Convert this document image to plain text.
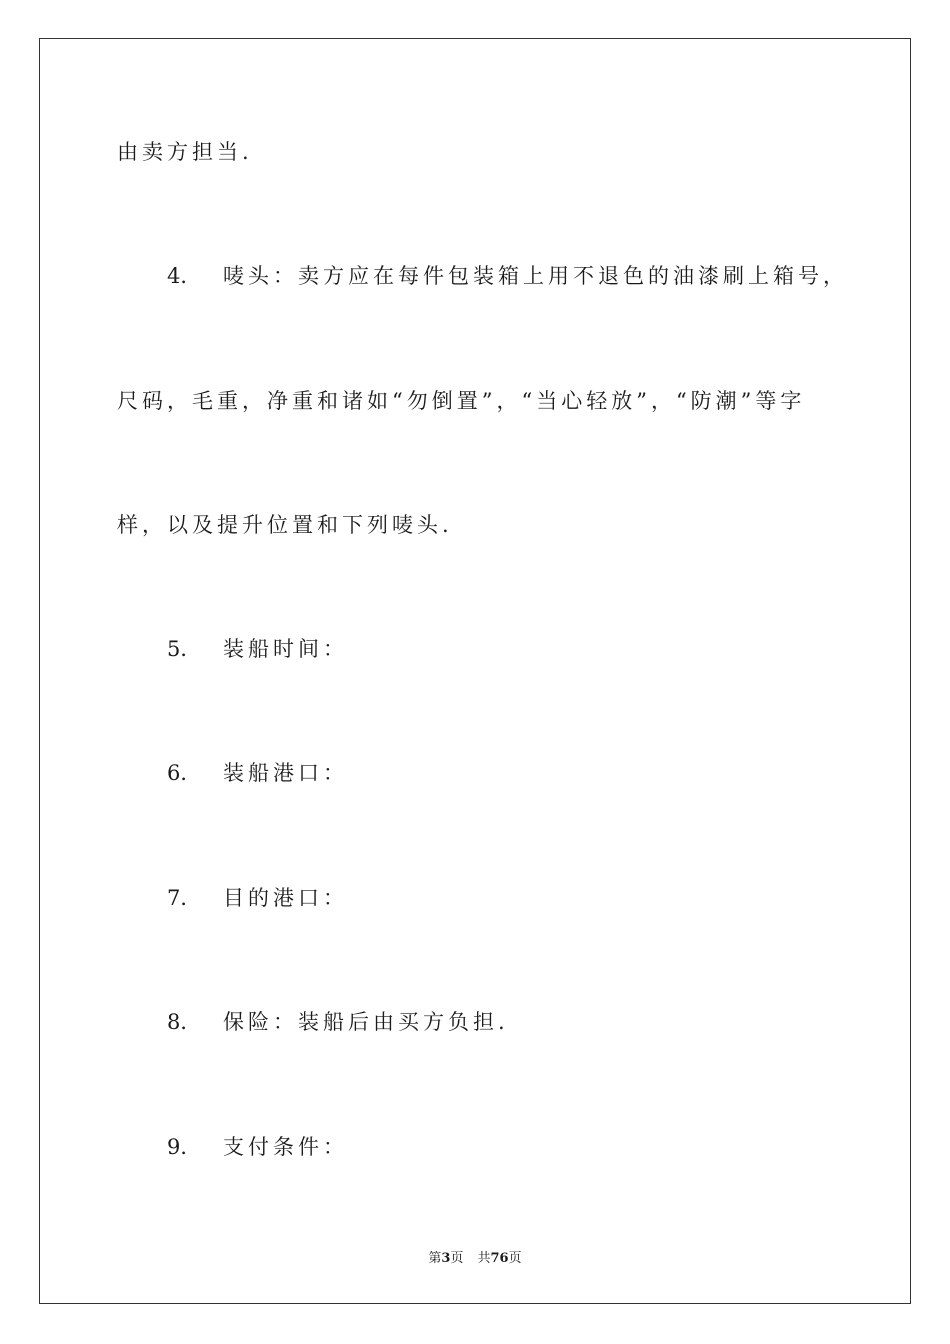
由卖方担当.
4． 唛头：卖方应在每件包装箱上用不退色的油漆刷上箱号，
尺码，毛重，净重和诸如“勿倒置”，“当心轻放”，“防潮”等字
样，以及提升位置和下列唛头.
5． 装船时间：
6． 装船港口：
7． 目的港口：
8． 保险：装船后由买方负担.
9． 支付条件：
第3页 共76页
